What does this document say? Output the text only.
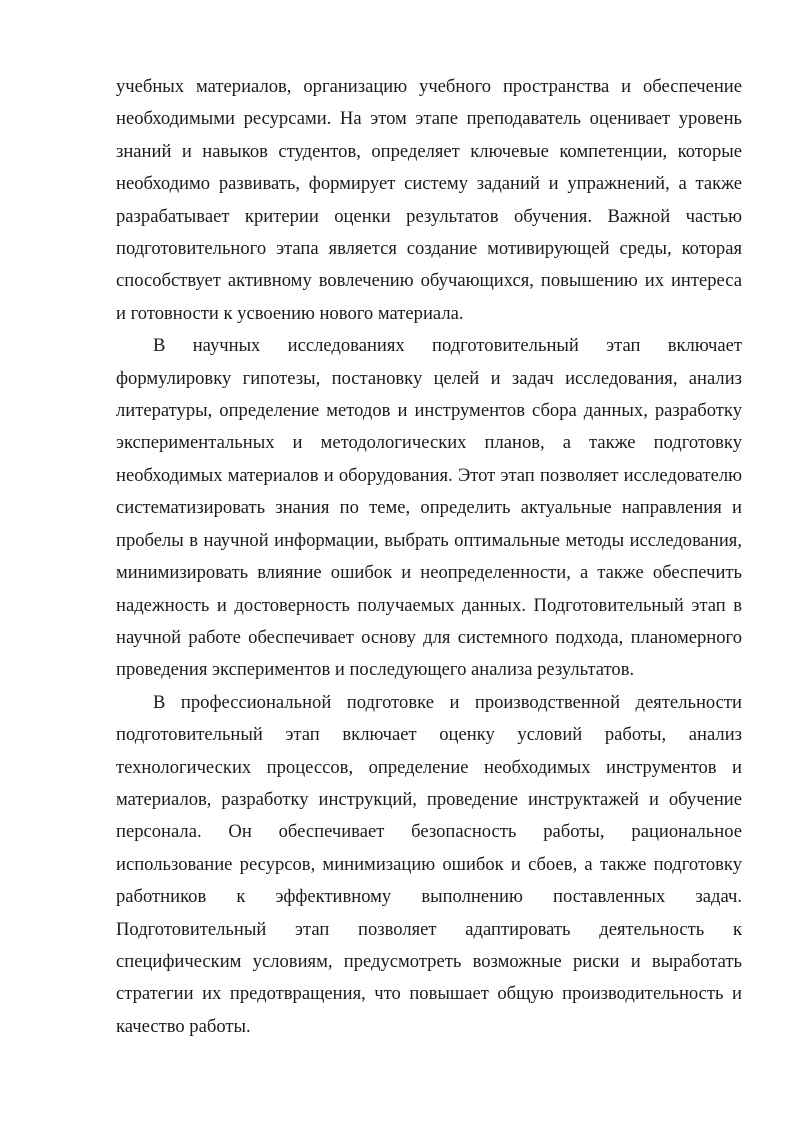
учебных материалов, организацию учебного пространства и обеспечение необходимыми ресурсами. На этом этапе преподаватель оценивает уровень знаний и навыков студентов, определяет ключевые компетенции, которые необходимо развивать, формирует систему заданий и упражнений, а также разрабатывает критерии оценки результатов обучения. Важной частью подготовительного этапа является создание мотивирующей среды, которая способствует активному вовлечению обучающихся, повышению их интереса и готовности к усвоению нового материала.

В научных исследованиях подготовительный этап включает формулировку гипотезы, постановку целей и задач исследования, анализ литературы, определение методов и инструментов сбора данных, разработку экспериментальных и методологических планов, а также подготовку необходимых материалов и оборудования. Этот этап позволяет исследователю систематизировать знания по теме, определить актуальные направления и пробелы в научной информации, выбрать оптимальные методы исследования, минимизировать влияние ошибок и неопределенности, а также обеспечить надежность и достоверность получаемых данных. Подготовительный этап в научной работе обеспечивает основу для системного подхода, планомерного проведения экспериментов и последующего анализа результатов.

В профессиональной подготовке и производственной деятельности подготовительный этап включает оценку условий работы, анализ технологических процессов, определение необходимых инструментов и материалов, разработку инструкций, проведение инструктажей и обучение персонала. Он обеспечивает безопасность работы, рациональное использование ресурсов, минимизацию ошибок и сбоев, а также подготовку работников к эффективному выполнению поставленных задач. Подготовительный этап позволяет адаптировать деятельность к специфическим условиям, предусмотреть возможные риски и выработать стратегии их предотвращения, что повышает общую производительность и качество работы.
